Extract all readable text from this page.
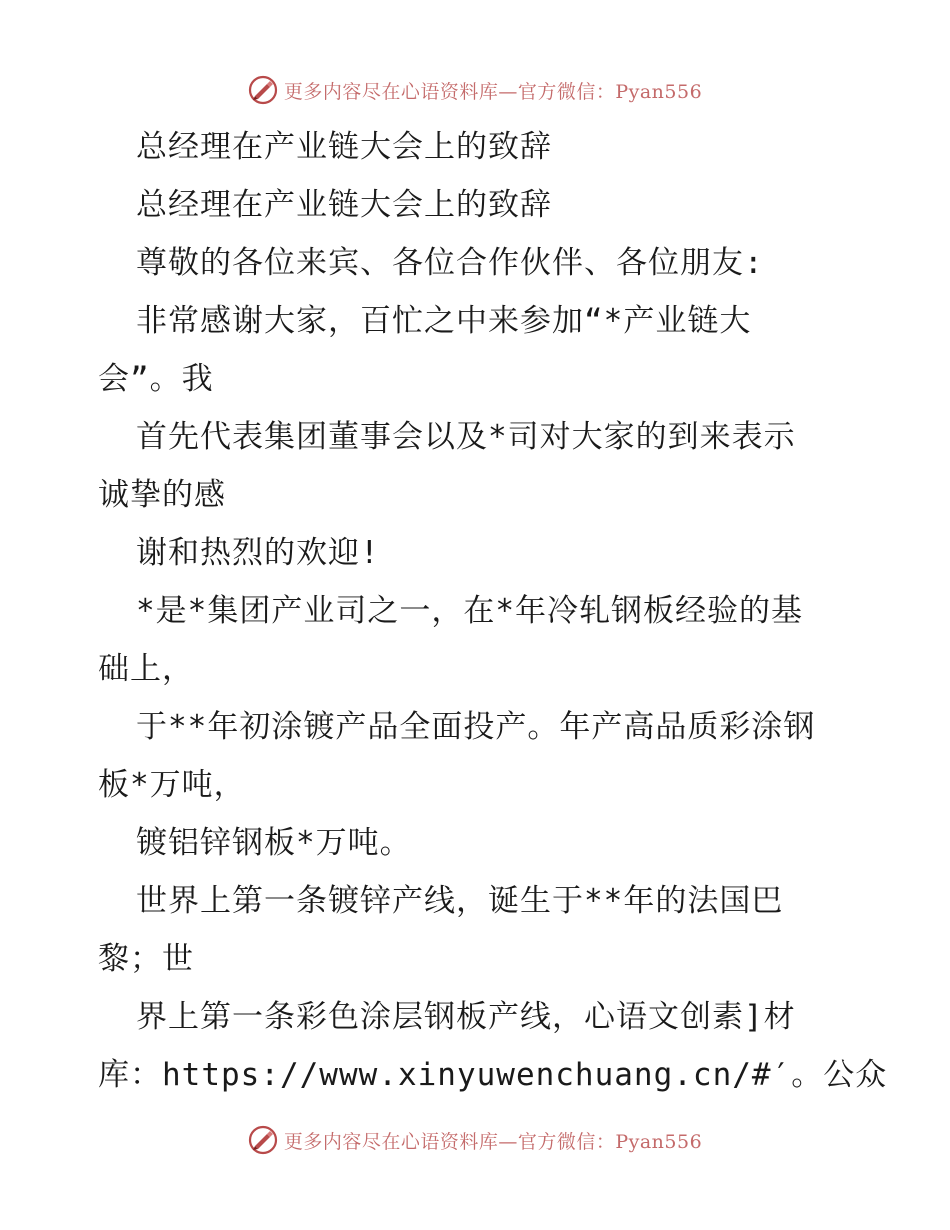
更多内容尽在心语资料库—官方微信：Pyan556
总经理在产业链大会上的致辞
总经理在产业链大会上的致辞
尊敬的各位来宾、各位合作伙伴、各位朋友:
非常感谢大家，百忙之中来参加“*产业链大
会”。我
首先代表集团董事会以及*司对大家的到来表示
诚挚的感
谢和热烈的欢迎!
*是*集团产业司之一，在*年冷轧钢板经验的基
础上，
于**年初涂镀产品全面投产。年产高品质彩涂钢
板*万吨，
镀铝锌钢板*万吨。
世界上第一条镀锌产线，诞生于**年的法国巴
黎；世
界上第一条彩色涂层钢板产线，心语文创素]材
库：https://www.xinyuwenchuang.cn/#′。公众
更多内容尽在心语资料库—官方微信：Pyan556
